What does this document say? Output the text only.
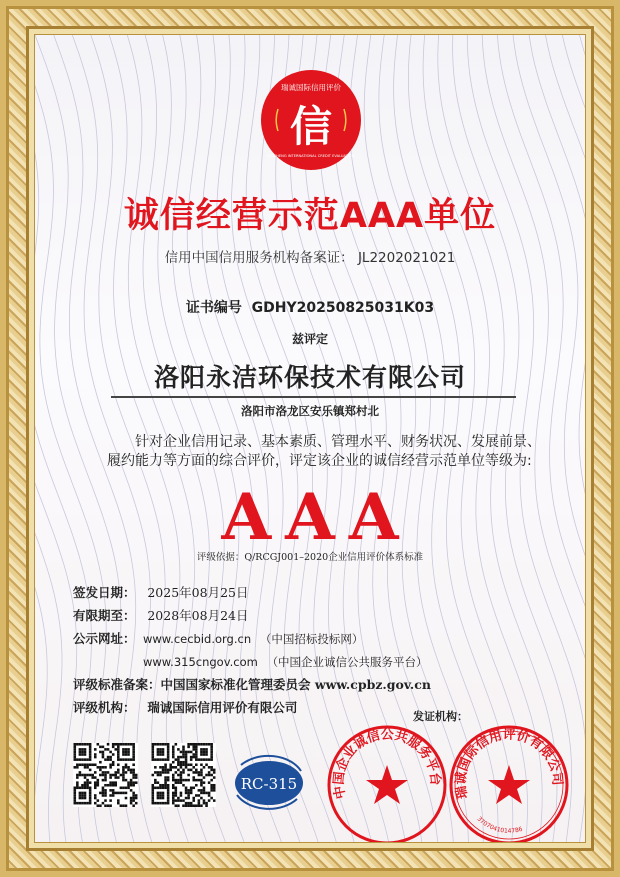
信
瑞诚国际信用评价
RUICHENG INTERNATIONAL CREDIT EVALUATION
诚信经营示范AAA单位
信用中国信用服务机构备案证： JL2202021021
证书编号 GDHY20250825031K03
兹评定
洛阳永洁环保技术有限公司
洛阳市洛龙区安乐镇郑村北
针对企业信用记录、基本素质、管理水平、财务状况、发展前景、
履约能力等方面的综合评价，评定该企业的诚信经营示范单位等级为:
AAA
评级依据：Q/RCGJ001–2020企业信用评价体系标准
签发日期： 2025年08月25日
有限期至： 2028年08月24日
公示网址： www.cecbid.org.cn （中国招标投标网）
www.315cngov.com （中国企业诚信公共服务平台）
评级标准备案：中国国家标准化管理委员会 www.cpbz.gov.cn
评级机构： 瑞诚国际信用评价有限公司
RC-315
发证机构：
中国企业诚信公共服务平台
瑞诚国际信用评价有限公司
3707041014786
